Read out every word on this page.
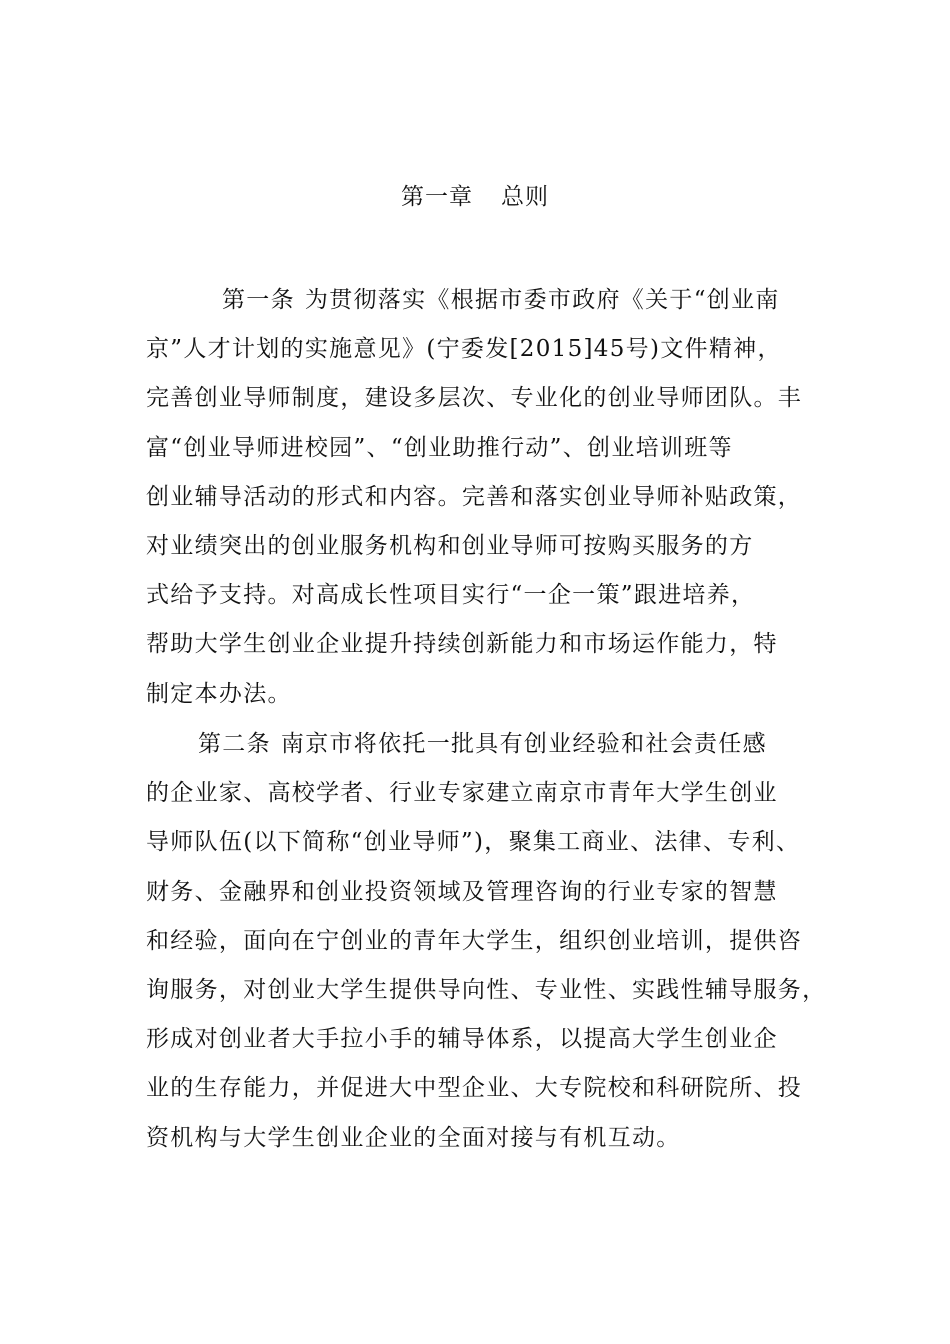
第一章 总则
第一条 为贯彻落实《根据市委市政府《关于“创业南
京”人才计划的实施意见》(宁委发[2015]45号)文件精神，
完善创业导师制度，建设多层次、专业化的创业导师团队。丰
富“创业导师进校园”、“创业助推行动”、创业培训班等
创业辅导活动的形式和内容。完善和落实创业导师补贴政策，
对业绩突出的创业服务机构和创业导师可按购买服务的方
式给予支持。对高成长性项目实行“一企一策”跟进培养，
帮助大学生创业企业提升持续创新能力和市场运作能力，特
制定本办法。
第二条 南京市将依托一批具有创业经验和社会责任感
的企业家、高校学者、行业专家建立南京市青年大学生创业
导师队伍(以下简称“创业导师”)，聚集工商业、法律、专利、
财务、金融界和创业投资领域及管理咨询的行业专家的智慧
和经验，面向在宁创业的青年大学生，组织创业培训，提供咨
询服务，对创业大学生提供导向性、专业性、实践性辅导服务，
形成对创业者大手拉小手的辅导体系，以提高大学生创业企
业的生存能力，并促进大中型企业、大专院校和科研院所、投
资机构与大学生创业企业的全面对接与有机互动。
